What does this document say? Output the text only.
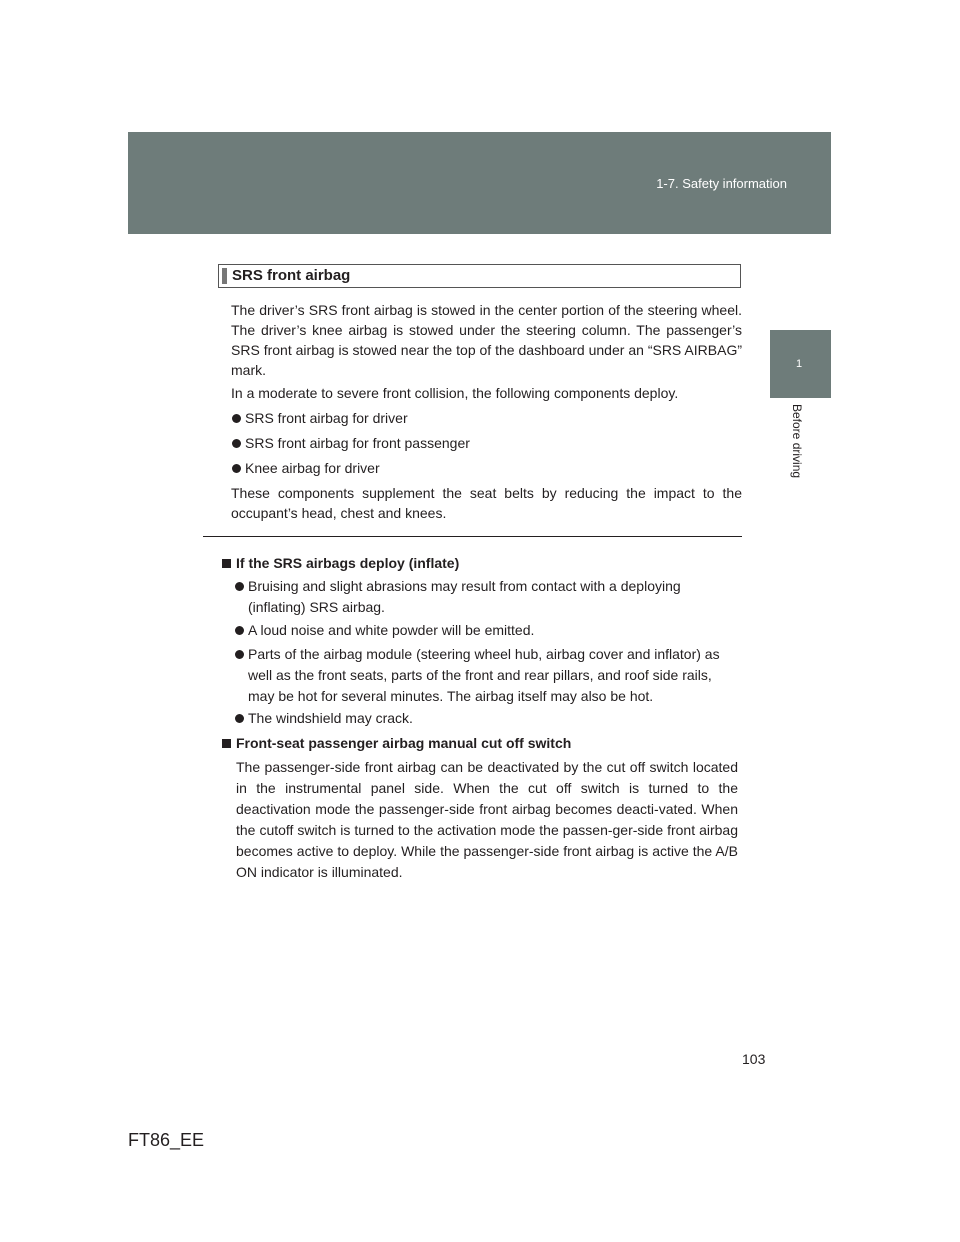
1-7. Safety information
1
Before driving
SRS front airbag

The driver’s SRS front airbag is stowed in the center portion of the steering wheel. The driver’s knee airbag is stowed under the steering column. The passenger’s SRS front airbag is stowed near the top of the dashboard under an “SRS AIRBAG” mark.

In a moderate to severe front collision, the following components deploy.
SRS front airbag for driver
SRS front airbag for front passenger
Knee airbag for driver

These components supplement the seat belts by reducing the impact to the occupant’s head, chest and knees.

If the SRS airbags deploy (inflate)
Bruising and slight abrasions may result from contact with a deploying (inflating) SRS airbag.
A loud noise and white powder will be emitted.
Parts of the airbag module (steering wheel hub, airbag cover and inflator) as well as the front seats, parts of the front and rear pillars, and roof side rails, may be hot for several minutes. The airbag itself may also be hot.
The windshield may crack.
Front-seat passenger airbag manual cut off switch

The passenger-side front airbag can be deactivated by the cut off switch located in the instrumental panel side. When the cut off switch is turned to the deactivation mode the passenger-side front airbag becomes deacti-vated. When the cutoff switch is turned to the activation mode the passen-ger-side front airbag becomes active to deploy. While the passenger-side front airbag is active the A/B ON indicator is illuminated.

103
FT86_EE
